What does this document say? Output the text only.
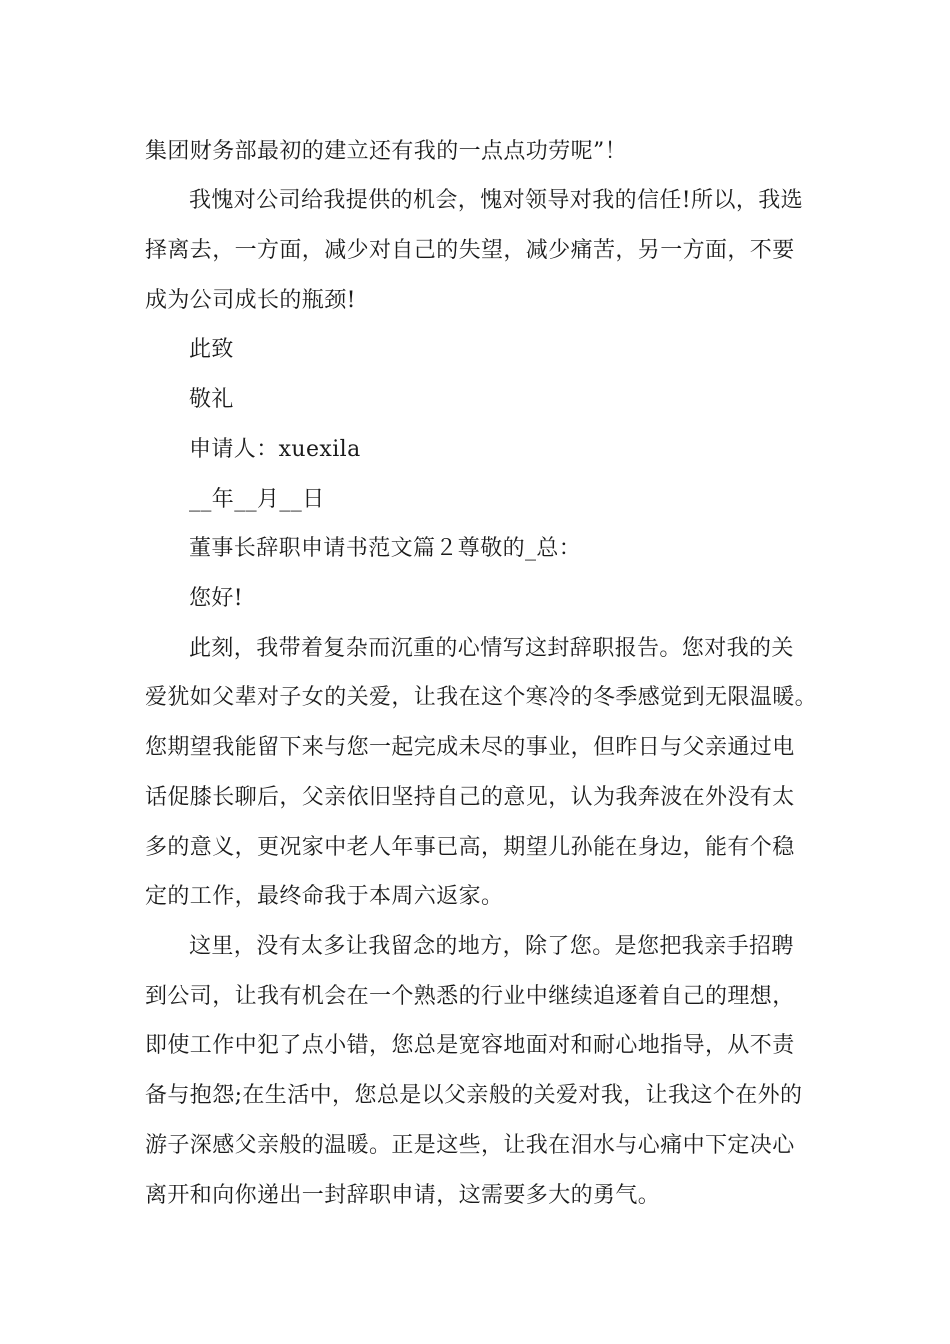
集团财务部最初的建立还有我的一点点功劳呢”！
我愧对公司给我提供的机会，愧对领导对我的信任!所以，我选
择离去，一方面，减少对自己的失望，减少痛苦，另一方面，不要
成为公司成长的瓶颈!
此致
敬礼
申请人：xuexila
__年__月__日
董事长辞职申请书范文篇２尊敬的_总：
您好!
此刻，我带着复杂而沉重的心情写这封辞职报告。您对我的关
爱犹如父辈对子女的关爱，让我在这个寒冷的冬季感觉到无限温暖。
您期望我能留下来与您一起完成未尽的事业，但昨日与父亲通过电
话促膝长聊后，父亲依旧坚持自己的意见，认为我奔波在外没有太
多的意义，更况家中老人年事已高，期望儿孙能在身边，能有个稳
定的工作，最终命我于本周六返家。
这里，没有太多让我留念的地方，除了您。是您把我亲手招聘
到公司，让我有机会在一个熟悉的行业中继续追逐着自己的理想，
即使工作中犯了点小错，您总是宽容地面对和耐心地指导，从不责
备与抱怨;在生活中，您总是以父亲般的关爱对我，让我这个在外的
游子深感父亲般的温暖。正是这些，让我在泪水与心痛中下定决心
离开和向你递出一封辞职申请，这需要多大的勇气。
